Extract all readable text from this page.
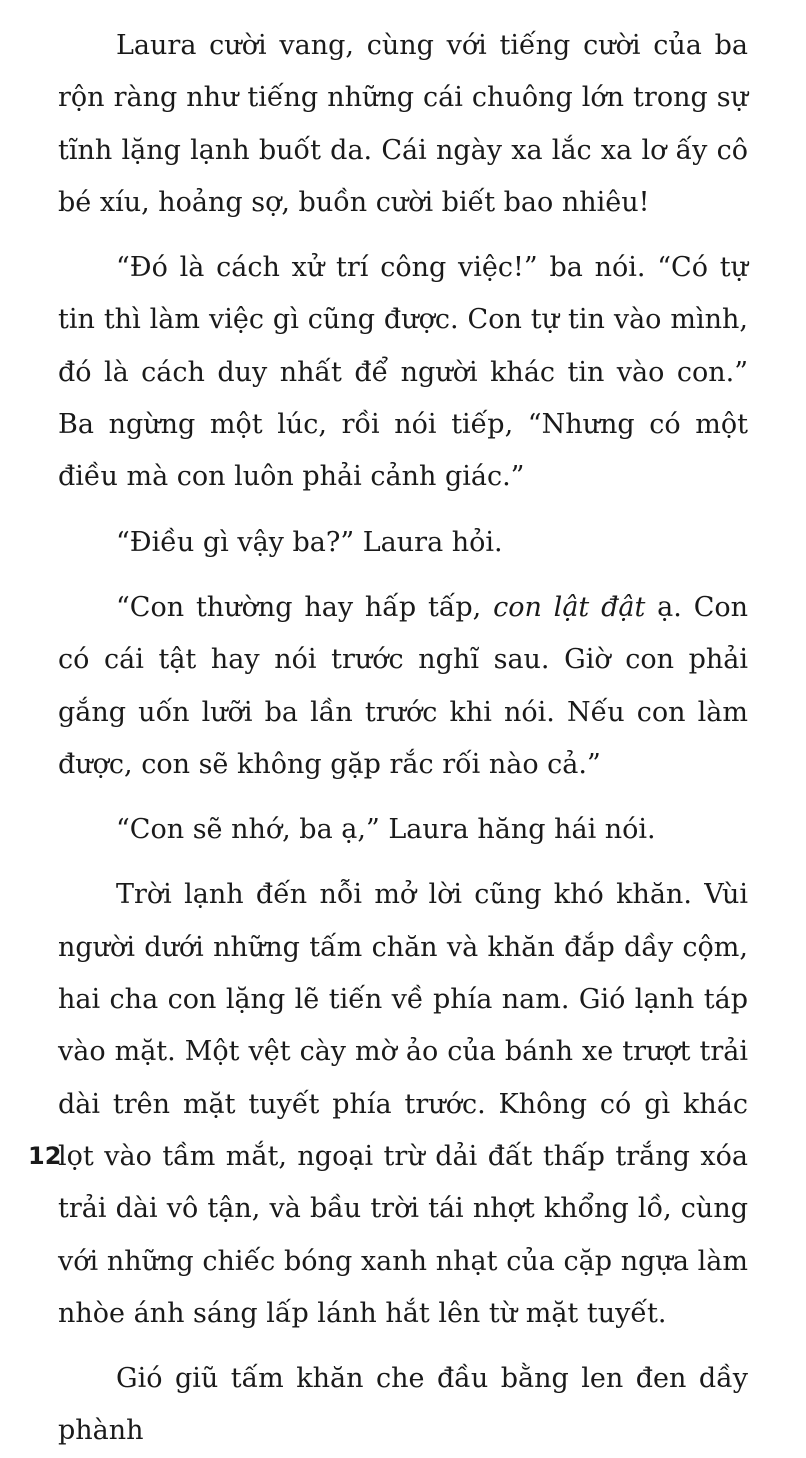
Laura cười vang, cùng với tiếng cười của ba rộn ràng như tiếng những cái chuông lớn trong sự tĩnh lặng lạnh buốt da. Cái ngày xa lắc xa lơ ấy cô bé xíu, hoảng sợ, buồn cười biết bao nhiêu!

“Đó là cách xử trí công việc!” ba nói. “Có tự tin thì làm việc gì cũng được. Con tự tin vào mình, đó là cách duy nhất để người khác tin vào con.” Ba ngừng một lúc, rồi nói tiếp, “Nhưng có một điều mà con luôn phải cảnh giác.”

“Điều gì vậy ba?” Laura hỏi.

“Con thường hay hấp tấp, con lật đật ạ. Con có cái tật hay nói trước nghĩ sau. Giờ con phải gắng uốn lưỡi ba lần trước khi nói. Nếu con làm được, con sẽ không gặp rắc rối nào cả.”

“Con sẽ nhớ, ba ạ,” Laura hăng hái nói.

Trời lạnh đến nỗi mở lời cũng khó khăn. Vùi người dưới những tấm chăn và khăn đắp dầy cộm, hai cha con lặng lẽ tiến về phía nam. Gió lạnh táp vào mặt. Một vệt cày mờ ảo của bánh xe trượt trải dài trên mặt tuyết phía trước. Không có gì khác lọt vào tầm mắt, ngoại trừ dải đất thấp trắng xóa trải dài vô tận, và bầu trời tái nhợt khổng lồ, cùng với những chiếc bóng xanh nhạt của cặp ngựa làm nhòe ánh sáng lấp lánh hắt lên từ mặt tuyết.

Gió giũ tấm khăn che đầu bằng len đen dầy phành

12
